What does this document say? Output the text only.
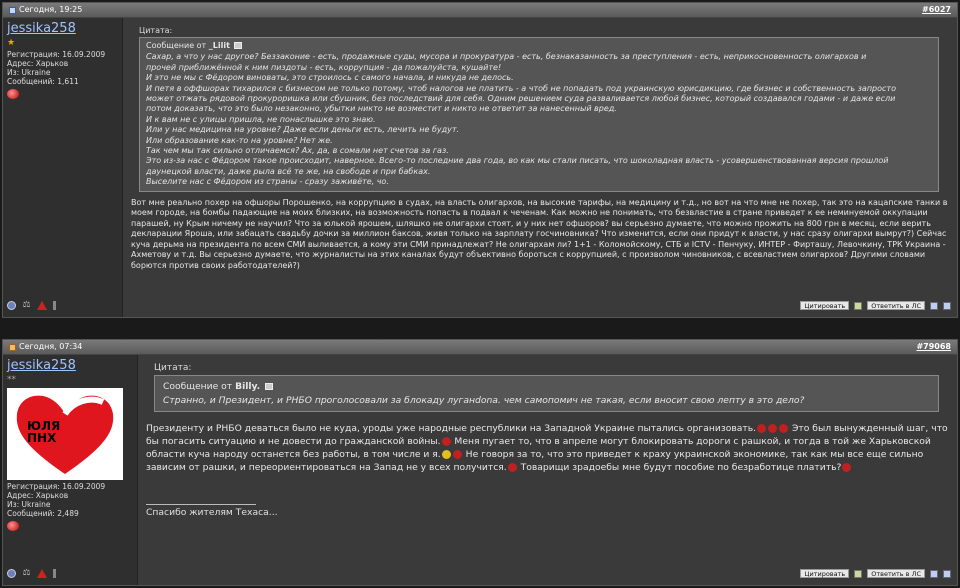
Сегодня, 19:25	#6027
jessika258
★
Регистрация: 16.09.2009
Адрес: Харьков
Из: Ukraine
Сообщений: 1,611
⚖
Цитата:
Сообщение от _Lilit
Сахар, а что у нас другое? Беззаконие - есть, продажные суды, мусора и прокуратура - есть, безнаказанность за преступления - есть, неприкосновенность олигархов и
прочей приближённой к ним пиздоты - есть, коррупция - да пожалуйста, кушайте!
И это не мы с Фёдором виноваты, это строилось с самого начала, и никуда не делось.
И петя в оффшорах тихарился с бизнесом не только потому, чтоб налогов не платить - а чтоб не попадать под украинскую юрисдикцию, где бизнес и собственность запросто
может отжать рядовой прокуроришка или сбушник, без последствий для себя. Одним решением суда разваливается любой бизнес, который создавался годами - и даже если
потом доказать, что это было незаконно, убытки никто не возместит и никто не ответит за нанесенный вред.
И к вам не с улицы пришла, не понаслышке это знаю.
Или у нас медицина на уровне? Даже если деньги есть, лечить не будут.
Или образование как-то на уровне? Нет же.
Так чем мы так сильно отличаемся? Ах, да, в сомали нет счетов за газ.
Это из-за нас с Фёдором такое происходит, наверное. Всего-то последние два года, во как мы стали писать, что шоколадная власть - усовершенствованная версия прошлой
даунецкой власти, даже рыла всё те же, на свободе и при бабках.
Выселите нас с Фёдором из страны - сразу заживёте, чо.
Вот мне реально похер на офшоры Порошенко, на коррупцию в судах, на власть олигархов, на высокие тарифы, на медицину и т.д., но вот на что мне не похер, так это на кацапские танки в моем городе, на бомбы падающие на моих близких, на возможность попасть в подвал к чеченам. Как можно не понимать, что безвластие в стране приведет к ее неминуемой оккупации парашей, ну Крым ничему не научил? Что за юлькой ярошем, шляшко не олигархи стоят, и у них нет офшоров? вы серьезно думаете, что можно прожить на 800 грн в месяц, если верить декларации Яроша, или забацать свадьбу дочки за миллион баксов, живя только на зарплату госчиновника? Что изменится, если они придут к власти, у нас сразу олигархи вымрут?) Сейчас куча дерьма на президента по всем СМИ выливается, а кому эти СМИ принадлежат? Не олигархам ли? 1+1 - Коломойскому, СТБ и ICTV - Пенчуку, ИНТЕР - Фирташу, Левочкину, ТРК Украина - Ахметову и т.д. Вы серьезно думаете, что журналисты на этих каналах будут объективно бороться с коррупцией, с произволом чиновников, с всевластием олигархов? Другими словами борются против своих работодателей?)
Цитировать	Ответить в ЛС
Сегодня, 07:34	#79068
jessika258
**
ЮЛЯ ПНХ
Регистрация: 16.09.2009
Адрес: Харьков
Из: Ukraine
Сообщений: 2,489
⚖
Цитата:
Сообщение от Billy.
Странно, и Президент, и РНБО проголосовали за блокаду луганdona. чем самопомич не такая, если вносит свою лепту в это дело?
Президенту и РНБО деваться было не куда, уроды уже народные республики на Западной Украине пытались организовать.	Это был вынужденный шаг, что бы погасить ситуацию и не довести до гражданской войны. Меня пугает то, что в апреле могут блокировать дороги с рашкой, и тогда в той же Харьковской области куча народу останется без работы, в том числе и я. Не говоря за то, что это приведет к краху украинской экономике, так как мы все еще сильно зависим от рашки, и переориентироваться на Запад не у всех получится. Товарищи зрадоебы мне будут пособие по безработице платить?
Спасибо жителям Техаса...
Цитировать	Ответить в ЛС
